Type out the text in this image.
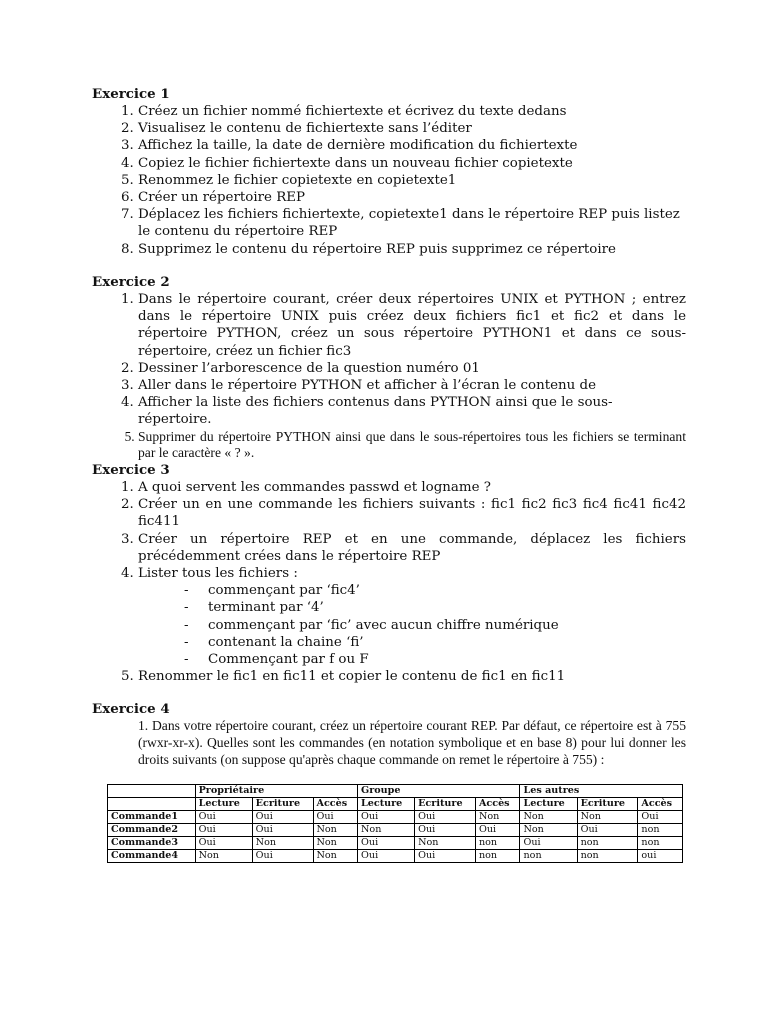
Exercice 1

1. Créez un fichier nommé fichiertexte et écrivez du texte dedans
2. Visualisez le contenu de fichiertexte sans l’éditer
3. Affichez la taille, la date de dernière modification du fichiertexte
4. Copiez le fichier fichiertexte dans un nouveau fichier copietexte
5. Renommez le fichier copietexte en copietexte1
6. Créer un répertoire REP
7. Déplacez les fichiers fichiertexte, copietexte1 dans le répertoire REP puis listez le contenu du répertoire REP
8. Supprimez le contenu du répertoire REP puis supprimez ce répertoire

Exercice 2

1. Dans le répertoire courant, créer deux répertoires UNIX et PYTHON ; entrez dans le répertoire UNIX puis créez deux fichiers fic1 et fic2 et dans le répertoire PYTHON, créez un sous répertoire PYTHON1 et dans ce sous-répertoire, créez un fichier fic3
2. Dessiner l’arborescence de la question numéro 01
3. Aller dans le répertoire PYTHON et afficher à l’écran le contenu de
4. Afficher la liste des fichiers contenus dans PYTHON ainsi que le sous-répertoire.
5. Supprimer du répertoire PYTHON ainsi que dans le sous-répertoires tous les fichiers se terminant par le caractère « ? ».

Exercice 3

1. A quoi servent les commandes passwd et logname ?
2. Créer un en une commande les fichiers suivants : fic1 fic2 fic3 fic4 fic41 fic42 fic411
3. Créer un répertoire REP et en une commande, déplacez les fichiers précédemment crées dans le répertoire REP
4. Lister tous les fichiers :
- commençant par ‘fic4’
- terminant par ‘4’
- commençant par ‘fic’ avec aucun chiffre numérique
- contenant la chaine ‘fi’
- Commençant par f ou F
5. Renommer le fic1 en fic11 et copier le contenu de fic1 en fic11

Exercice 4

1. Dans votre répertoire courant, créez un répertoire courant REP. Par défaut, ce répertoire est à 755 (rwxr-xr-x). Quelles sont les commandes (en notation symbolique et en base 8) pour lui donner les droits suivants (on suppose qu'après chaque commande on remet le répertoire à 755) :

	Propriétaire			Groupe			Les autres		
	Lecture	Ecriture	Accès	Lecture	Ecriture	Accès	Lecture	Ecriture	Accès
Commande1	Oui	Oui	Oui	Oui	Oui	Non	Non	Non	Oui
Commande2	Oui	Oui	Non	Non	Oui	Oui	Non	Oui	non
Commande3	Oui	Non	Non	Oui	Non	non	Oui	non	non
Commande4	Non	Oui	Non	Oui	Oui	non	non	non	oui
